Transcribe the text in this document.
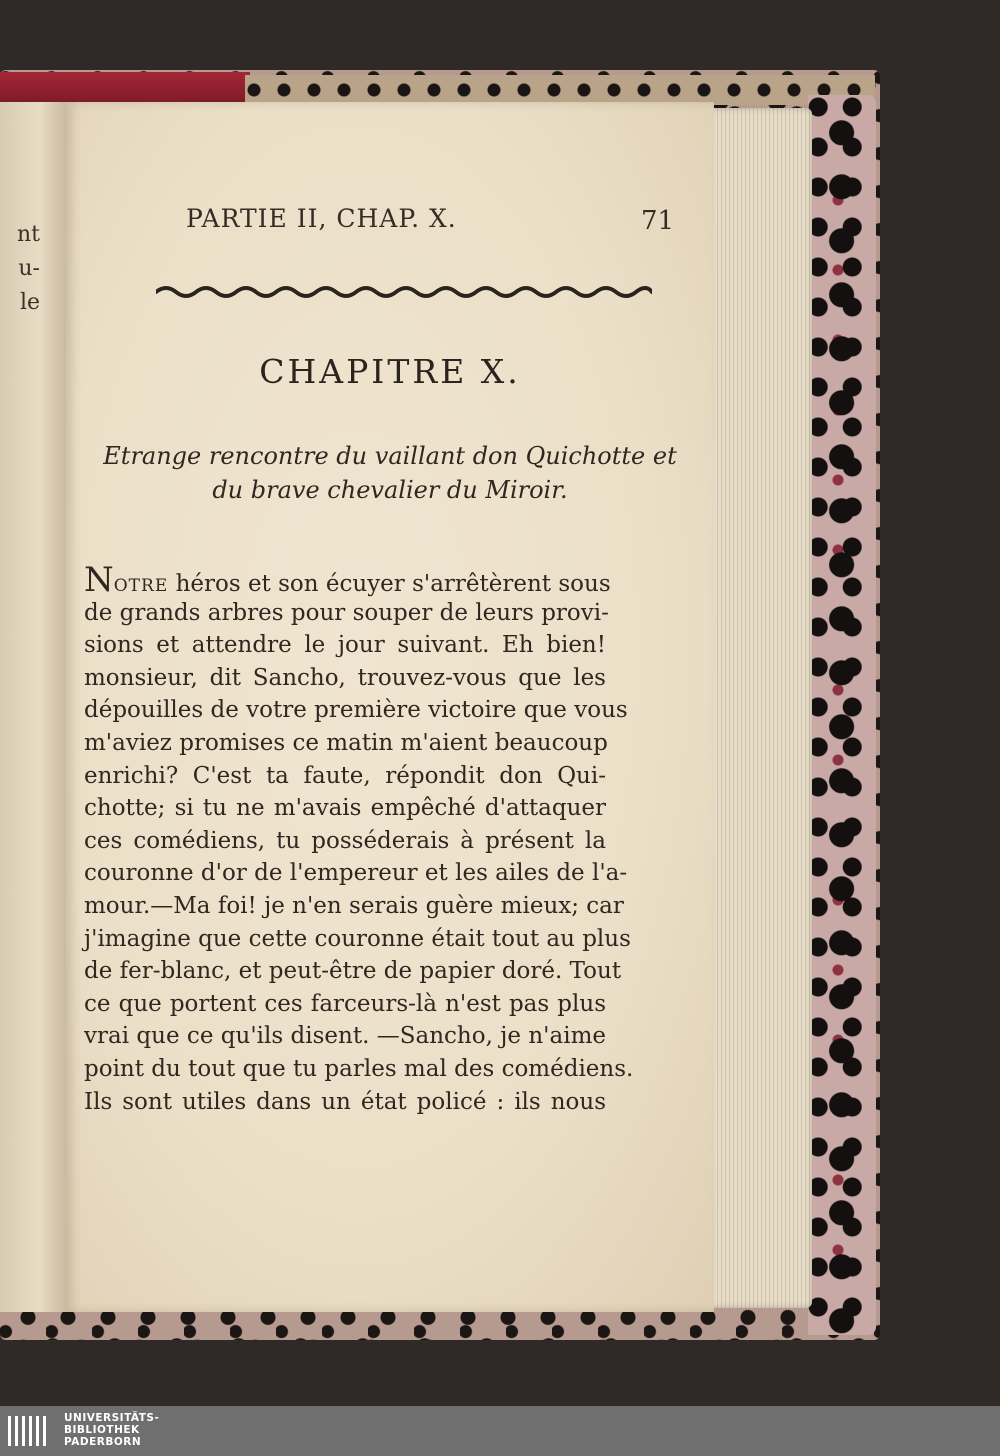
nt
u-
le
PARTIE II, CHAP. X.	71
CHAPITRE X.
Etrange rencontre du vaillant don Quichotte et
du brave chevalier du Miroir.
NOTRE héros et son écuyer s'arrêtèrent sous
de grands arbres pour souper de leurs provi-
sions et attendre le jour suivant. Eh bien!
monsieur, dit Sancho, trouvez-vous que les
dépouilles de votre première victoire que vous
m'aviez promises ce matin m'aient beaucoup
enrichi? C'est ta faute, répondit don Qui-
chotte; si tu ne m'avais empêché d'attaquer
ces comédiens, tu posséderais à présent la
couronne d'or de l'empereur et les ailes de l'a-
mour.—Ma foi! je n'en serais guère mieux; car
j'imagine que cette couronne était tout au plus
de fer-blanc, et peut-être de papier doré. Tout
ce que portent ces farceurs-là n'est pas plus
vrai que ce qu'ils disent. —Sancho, je n'aime
point du tout que tu parles mal des comédiens.
Ils sont utiles dans un état policé : ils nous
UNIVERSITÄTS-
BIBLIOTHEK
PADERBORN
